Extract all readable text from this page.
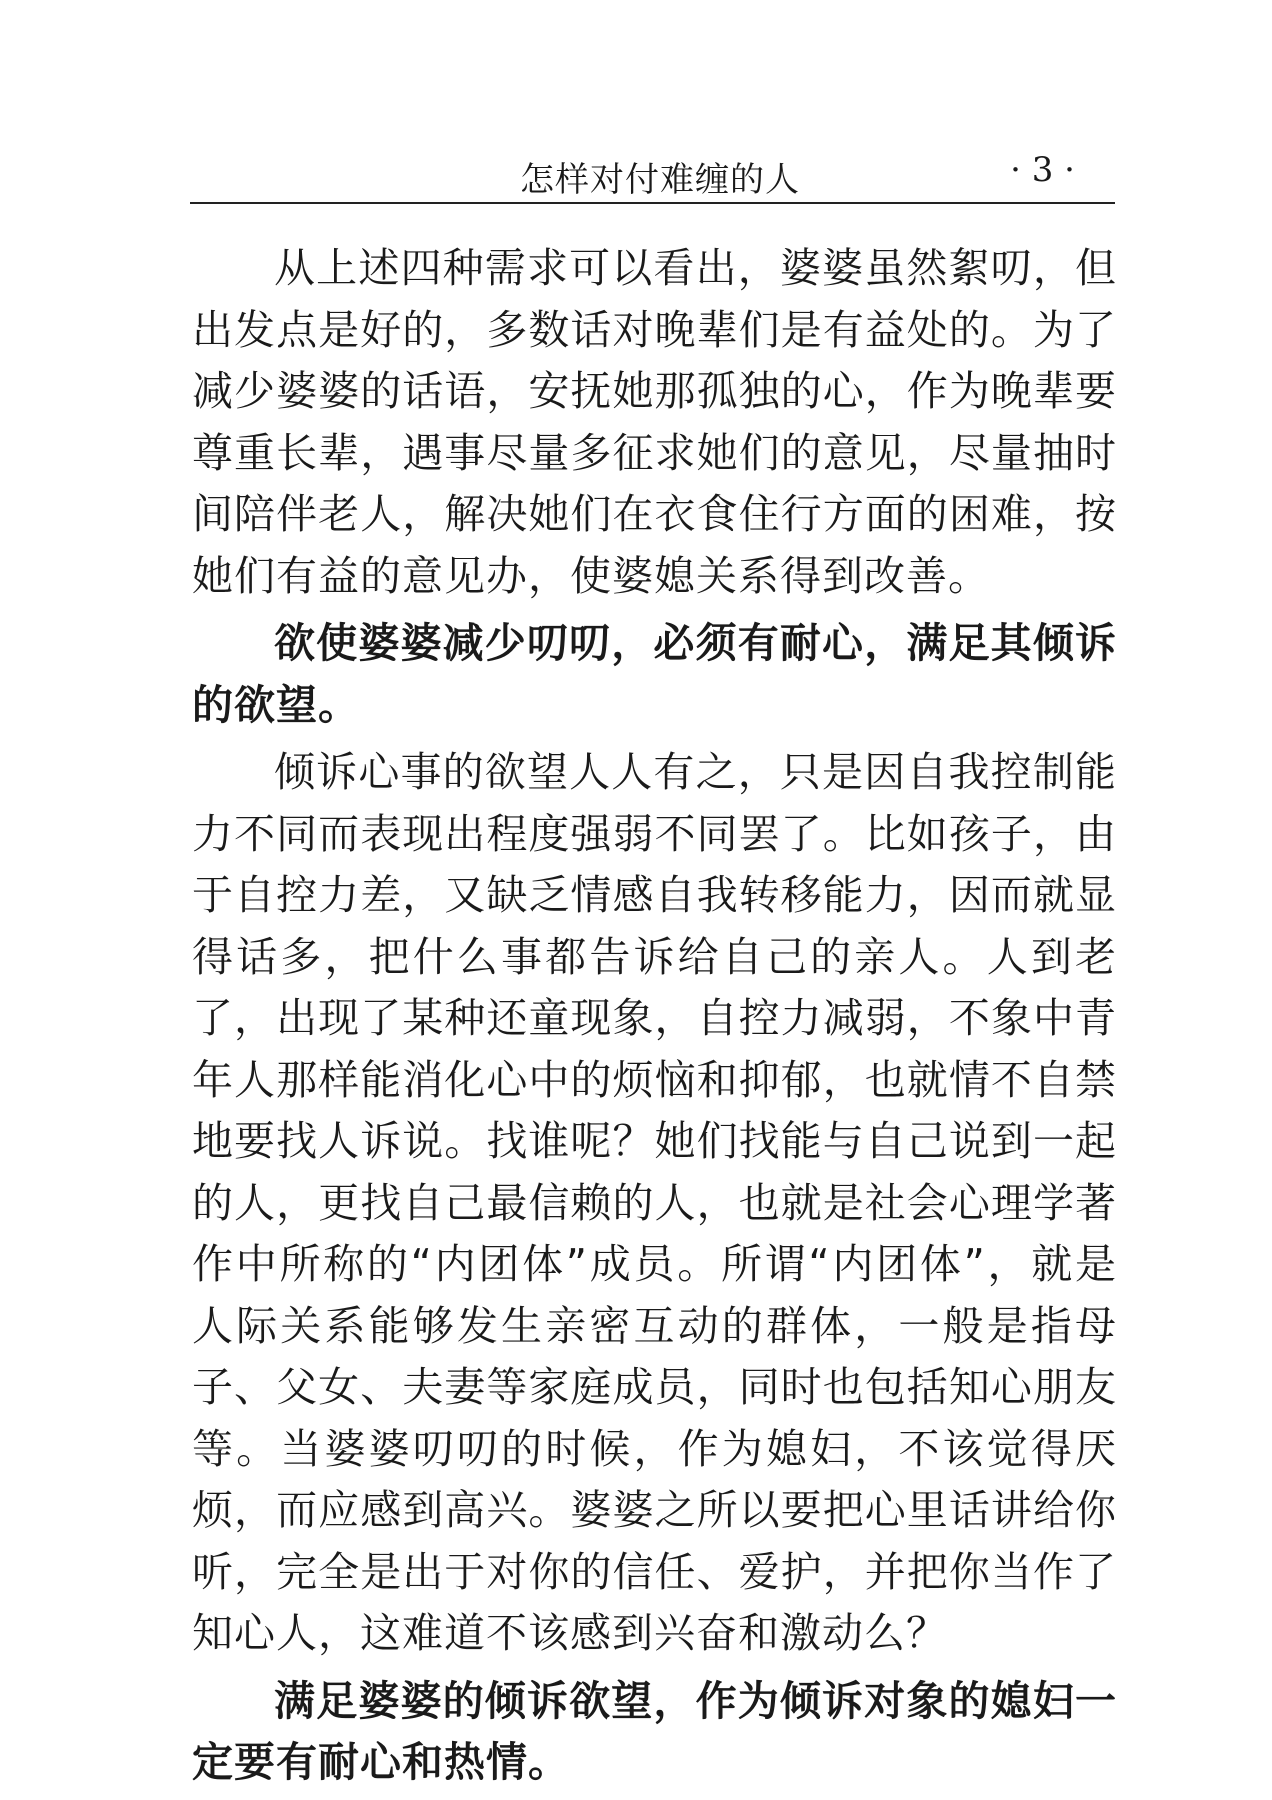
怎样对付难缠的人	· 3 ·

从上述四种需求可以看出，婆婆虽然絮叨，但出发点是好的，多数话对晚辈们是有益处的。为了减少婆婆的话语，安抚她那孤独的心，作为晚辈要尊重长辈，遇事尽量多征求她们的意见，尽量抽时间陪伴老人，解决她们在衣食住行方面的困难，按她们有益的意见办，使婆媳关系得到改善。

欲使婆婆减少叨叨，必须有耐心，满足其倾诉的欲望。

倾诉心事的欲望人人有之，只是因自我控制能力不同而表现出程度强弱不同罢了。比如孩子，由于自控力差，又缺乏情感自我转移能力，因而就显得话多，把什么事都告诉给自己的亲人。人到老了，出现了某种还童现象，自控力减弱，不象中青年人那样能消化心中的烦恼和抑郁，也就情不自禁地要找人诉说。找谁呢？她们找能与自己说到一起的人，更找自己最信赖的人，也就是社会心理学著作中所称的“内团体”成员。所谓“内团体”，就是人际关系能够发生亲密互动的群体，一般是指母子、父女、夫妻等家庭成员，同时也包括知心朋友等。当婆婆叨叨的时候，作为媳妇，不该觉得厌烦，而应感到高兴。婆婆之所以要把心里话讲给你听，完全是出于对你的信任、爱护，并把你当作了知心人，这难道不该感到兴奋和激动么？

满足婆婆的倾诉欲望，作为倾诉对象的媳妇一定要有耐心和热情。
